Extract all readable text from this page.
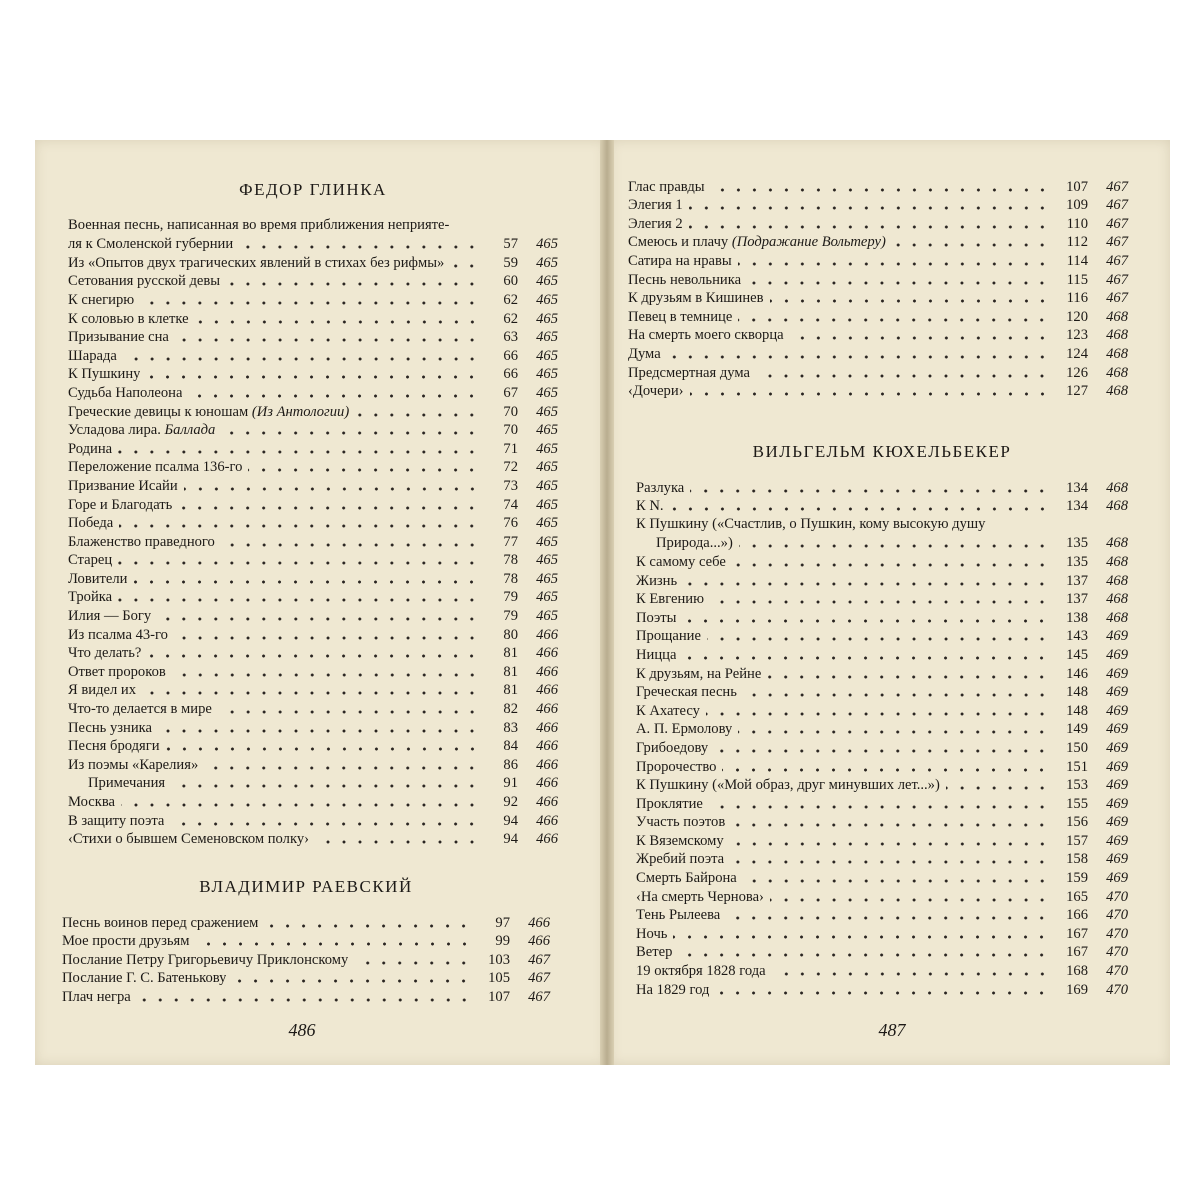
ФЕДОР ГЛИНКА
Военная песнь, написанная во время приближения неприяте-
ля к Смоленской губернии	57	465
Из «Опытов двух трагических явлений в стихах без рифмы»	59	465
Сетования русской девы	60	465
К снегирю	62	465
К соловью в клетке	62	465
Призывание сна	63	465
Шарада	66	465
К Пушкину	66	465
Судьба Наполеона	67	465
Греческие девицы к юношам (Из Антологии)	70	465
Усладова лира. Баллада	70	465
Родина	71	465
Переложение псалма 136-го	72	465
Призвание Исайи	73	465
Горе и Благодать	74	465
Победа	76	465
Блаженство праведного	77	465
Старец	78	465
Ловители	78	465
Тройка	79	465
Илия — Богу	79	465
Из псалма 43-го	80	466
Что делать?	81	466
Ответ пророков	81	466
Я видел их	81	466
Что-то делается в мире	82	466
Песнь узника	83	466
Песня бродяги	84	466
Из поэмы «Карелия»	86	466
Примечания	91	466
Москва	92	466
В защиту поэта	94	466
‹Стихи о бывшем Семеновском полку›	94	466
ВЛАДИМИР РАЕВСКИЙ
Песнь воинов перед сражением	97	466
Мое прости друзьям	99	466
Послание Петру Григорьевичу Приклонскому	103	467
Послание Г. С. Батенькову	105	467
Плач негра	107	467
486
Глас правды	107	467
Элегия 1	109	467
Элегия 2	110	467
Смеюсь и плачу (Подражание Вольтеру)	112	467
Сатира на нравы	114	467
Песнь невольника	115	467
К друзьям в Кишинев	116	467
Певец в темнице	120	468
На смерть моего скворца	123	468
Дума	124	468
Предсмертная дума	126	468
‹Дочери›	127	468
ВИЛЬГЕЛЬМ КЮХЕЛЬБЕКЕР
Разлука	134	468
К N.	134	468
К Пушкину («Счастлив, о Пушкин, кому высокую душу
Природа...»)	135	468
К самому себе	135	468
Жизнь	137	468
К Евгению	137	468
Поэты	138	468
Прощание	143	469
Ницца	145	469
К друзьям, на Рейне	146	469
Греческая песнь	148	469
К Ахатесу	148	469
А. П. Ермолову	149	469
Грибоедову	150	469
Пророчество	151	469
К Пушкину («Мой образ, друг минувших лет...»)	153	469
Проклятие	155	469
Участь поэтов	156	469
К Вяземскому	157	469
Жребий поэта	158	469
Смерть Байрона	159	469
‹На смерть Чернова›	165	470
Тень Рылеева	166	470
Ночь	167	470
Ветер	167	470
19 октября 1828 года	168	470
На 1829 год	169	470
487
